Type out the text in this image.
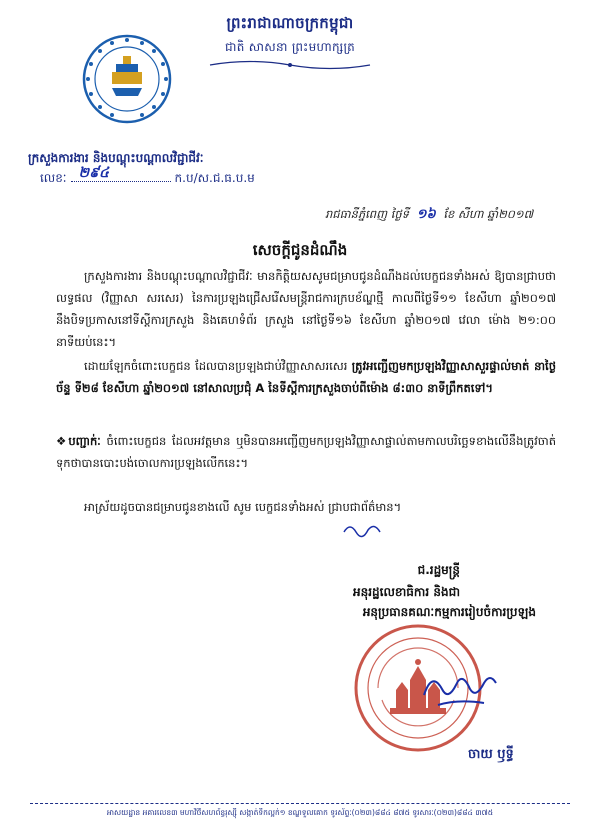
ព្រះរាជាណាចក្រកម្ពុជា
ជាតិ សាសនា ព្រះមហាក្សត្រ
ក្រសួងការងារ និងបណ្តុះបណ្តាលវិជ្ជាជីវៈ
លេខៈ ២៩៤	ក.ប/ស.ជ.ធ.ប.ម
រាជធានីភ្នំពេញ ថ្ងៃទី ១៦ ខែ សីហា ឆ្នាំ២០១៧
សេចក្តីជូនដំណឹង
ក្រសួងការងារ និងបណ្តុះបណ្តាលវិជ្ជាជីវៈ មានកិត្តិយសសូមជម្រាបជូនដំណឹងដល់បេក្ខជនទាំងអស់ ឱ្យបានជ្រាបថា លទ្ធផល (វិញ្ញាសា សរសេរ) នៃការប្រឡងជ្រើសរើសមន្ត្រីរាជការក្របខ័ណ្ឌថ្មី កាលពីថ្ងៃទី១១ ខែសីហា ឆ្នាំ២០១៧ នឹងបិទប្រកាសនៅទីស្តីការក្រសួង និងគេហទំព័រ ក្រសួង នៅថ្ងៃទី១៦ ខែសីហា ឆ្នាំ២០១៧ វេលា ម៉ោង ២១:០០ នាទីយប់នេះ។
ដោយឡែកចំពោះបេក្ខជន ដែលបានប្រឡងជាប់វិញ្ញាសាសរសេរ ត្រូវអញ្ជើញមកប្រឡងវិញ្ញាសាសួរផ្ទាល់មាត់ នាថ្ងៃច័ន្ទ ទី២៨ ខែសីហា ឆ្នាំ២០១៧ នៅសាលប្រជុំ A នៃទីស្តីការក្រសួងចាប់ពីម៉ោង ៨:៣០ នាទីព្រឹកតទៅ។
❖បញ្ជាក់ៈ ចំពោះបេក្ខជន ដែលអវត្តមាន ឬមិនបានអញ្ជើញមកប្រឡងវិញ្ញាសាផ្ទាល់តាមកាលបរិច្ឆេទខាងលើនឹងត្រូវចាត់ទុកថាបានបោះបង់ចោលការប្រឡងលើកនេះ។
អាស្រ័យដូចបានជម្រាបជូនខាងលើ សូម បេក្ខជនទាំងអស់ ជ្រាបជាព័ត៌មាន។
ជ.រដ្ឋមន្ត្រី
អនុរដ្ឋលេខាធិការ និងជា
អនុប្រធានគណៈកម្មការរៀបចំការប្រឡង
ចាយ ឫទ្ធី
អាសយដ្ឋាន អគារលេខ៣ មហាវិថីសហព័ន្ធរុស្ស៊ី សង្កាត់ទឹកល្អក់១ ខណ្ឌទួលគោក ទូរស័ព្ទៈ(០២៣)៨៨៤ ៨៧៥ ទូរសារៈ(០២៣)៨៨៤ ៣៧៥
